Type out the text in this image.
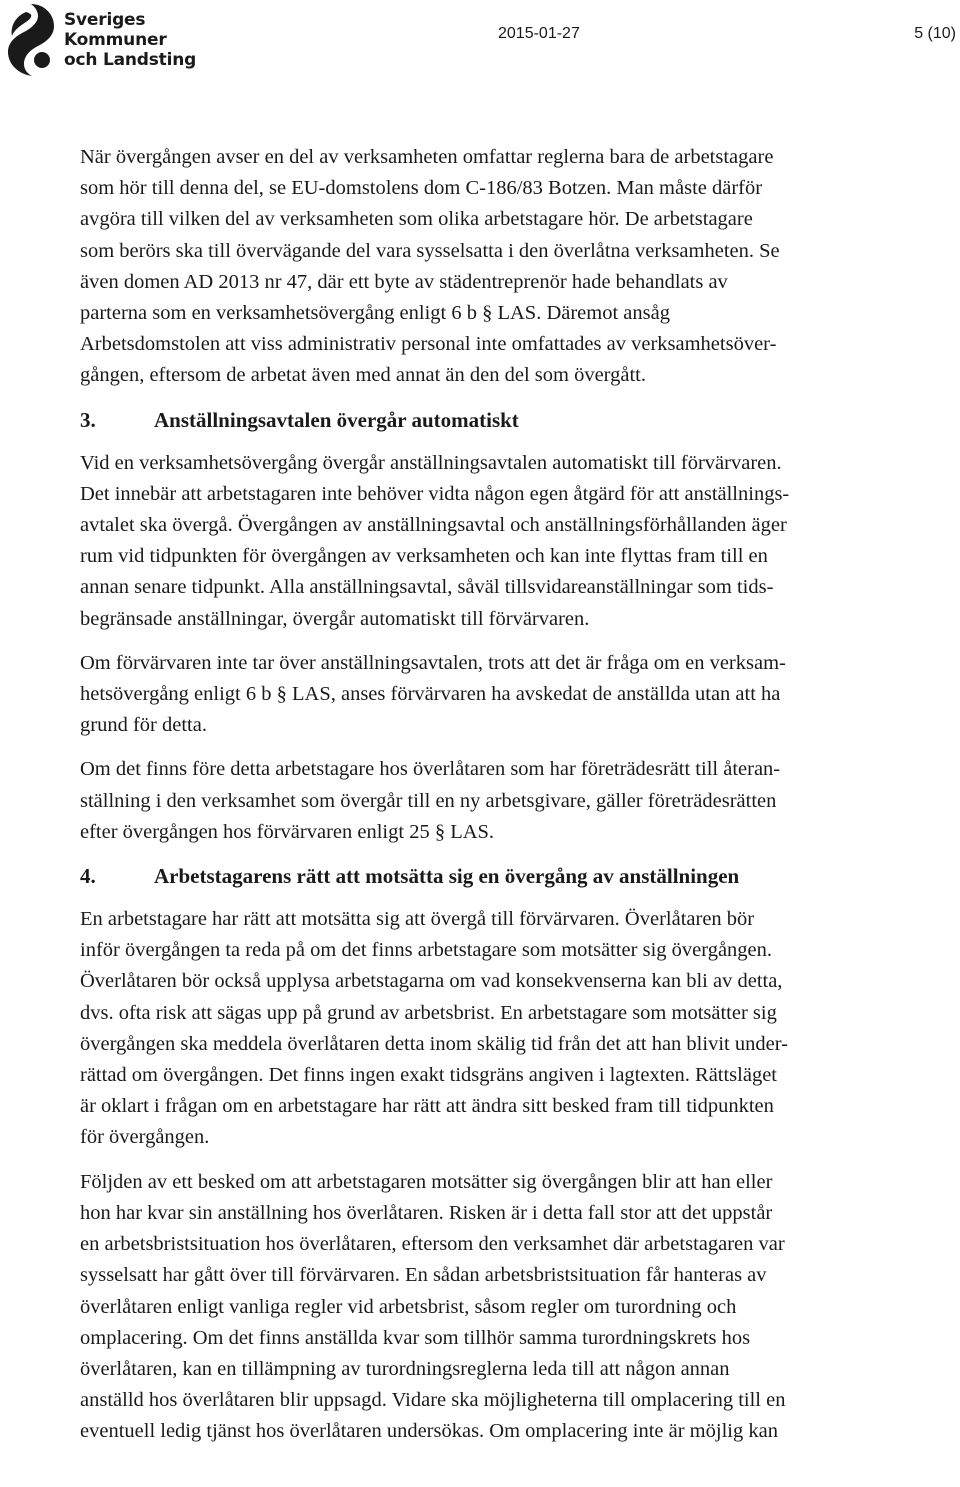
Sveriges
Kommuner
och Landsting
2015-01-27	5 (10)

När övergången avser en del av verksamheten omfattar reglerna bara de arbetstagare
som hör till denna del, se EU-domstolens dom C-186/83 Botzen. Man måste därför
avgöra till vilken del av verksamheten som olika arbetstagare hör. De arbetstagare
som berörs ska till övervägande del vara sysselsatta i den överlåtna verksamheten. Se
även domen AD 2013 nr 47, där ett byte av städentreprenör hade behandlats av
parterna som en verksamhetsövergång enligt 6 b § LAS. Däremot ansåg
Arbetsdomstolen att viss administrativ personal inte omfattades av verksamhetsöver-
gången, eftersom de arbetat även med annat än den del som övergått.

3.	Anställningsavtalen övergår automatiskt

Vid en verksamhetsövergång övergår anställningsavtalen automatiskt till förvärvaren.
Det innebär att arbetstagaren inte behöver vidta någon egen åtgärd för att anställnings-
avtalet ska övergå. Övergången av anställningsavtal och anställningsförhållanden äger
rum vid tidpunkten för övergången av verksamheten och kan inte flyttas fram till en
annan senare tidpunkt. Alla anställningsavtal, såväl tillsvidareanställningar som tids-
begränsade anställningar, övergår automatiskt till förvärvaren.

Om förvärvaren inte tar över anställningsavtalen, trots att det är fråga om en verksam-
hetsövergång enligt 6 b § LAS, anses förvärvaren ha avskedat de anställda utan att ha
grund för detta.

Om det finns före detta arbetstagare hos överlåtaren som har företrädesrätt till återan-
ställning i den verksamhet som övergår till en ny arbetsgivare, gäller företrädesrätten
efter övergången hos förvärvaren enligt 25 § LAS.

4.	Arbetstagarens rätt att motsätta sig en övergång av anställningen

En arbetstagare har rätt att motsätta sig att övergå till förvärvaren. Överlåtaren bör
inför övergången ta reda på om det finns arbetstagare som motsätter sig övergången.
Överlåtaren bör också upplysa arbetstagarna om vad konsekvenserna kan bli av detta,
dvs. ofta risk att sägas upp på grund av arbetsbrist. En arbetstagare som motsätter sig
övergången ska meddela överlåtaren detta inom skälig tid från det att han blivit under-
rättad om övergången. Det finns ingen exakt tidsgräns angiven i lagtexten. Rättsläget
är oklart i frågan om en arbetstagare har rätt att ändra sitt besked fram till tidpunkten
för övergången.

Följden av ett besked om att arbetstagaren motsätter sig övergången blir att han eller
hon har kvar sin anställning hos överlåtaren. Risken är i detta fall stor att det uppstår
en arbetsbristsituation hos överlåtaren, eftersom den verksamhet där arbetstagaren var
sysselsatt har gått över till förvärvaren. En sådan arbetsbristsituation får hanteras av
överlåtaren enligt vanliga regler vid arbetsbrist, såsom regler om turordning och
omplacering. Om det finns anställda kvar som tillhör samma turordningskrets hos
överlåtaren, kan en tillämpning av turordningsreglerna leda till att någon annan
anställd hos överlåtaren blir uppsagd. Vidare ska möjligheterna till omplacering till en
eventuell ledig tjänst hos överlåtaren undersökas. Om omplacering inte är möjlig kan
